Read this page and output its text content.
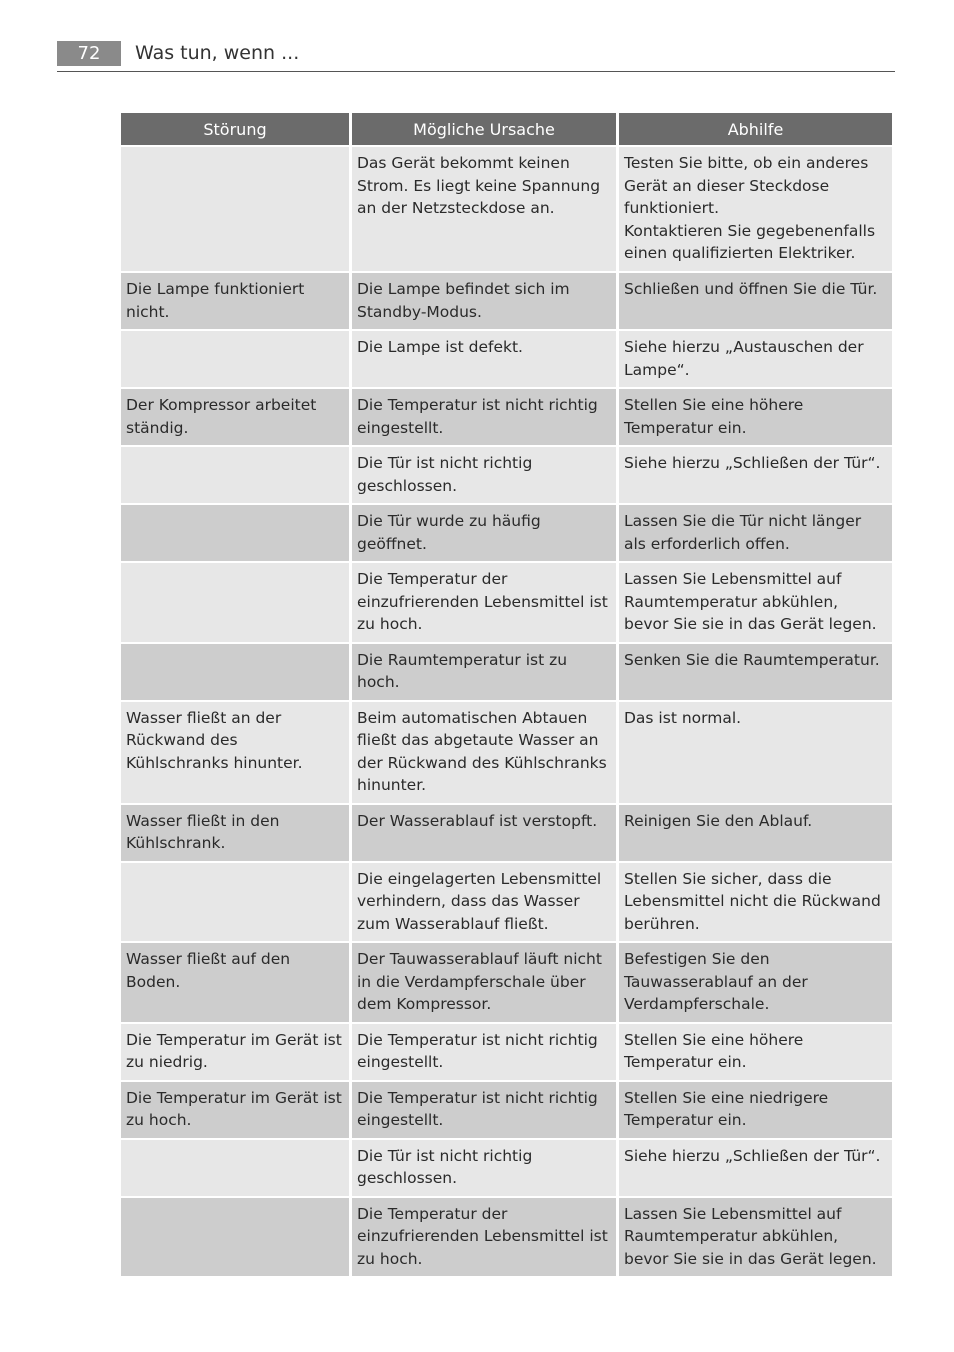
72	Was tun, wenn ...
Störung	Mögliche Ursache	Abhilfe
	Das Gerät bekommt keinen Strom. Es liegt keine Spannung an der Netzsteckdose an.	Testen Sie bitte, ob ein anderes Gerät an dieser Steckdose funktioniert.
Kontaktieren Sie gegebenenfalls einen qualifizierten Elektriker.
Die Lampe funktioniert nicht.	Die Lampe befindet sich im Standby-Modus.	Schließen und öffnen Sie die Tür.
	Die Lampe ist defekt.	Siehe hierzu „Austauschen der Lampe“.
Der Kompressor arbeitet ständig.	Die Temperatur ist nicht richtig eingestellt.	Stellen Sie eine höhere Temperatur ein.
	Die Tür ist nicht richtig geschlossen.	Siehe hierzu „Schließen der Tür“.
	Die Tür wurde zu häufig geöffnet.	Lassen Sie die Tür nicht länger als erforderlich offen.
	Die Temperatur der einzufrierenden Lebensmittel ist zu hoch.	Lassen Sie Lebensmittel auf Raumtemperatur abkühlen, bevor Sie sie in das Gerät legen.
	Die Raumtemperatur ist zu hoch.	Senken Sie die Raumtemperatur.
Wasser fließt an der Rückwand des Kühlschranks hinunter.	Beim automatischen Abtauen fließt das abgetaute Wasser an der Rückwand des Kühlschranks hinunter.	Das ist normal.
Wasser fließt in den Kühlschrank.	Der Wasserablauf ist verstopft.	Reinigen Sie den Ablauf.
	Die eingelagerten Lebensmittel verhindern, dass das Wasser zum Wasserablauf fließt.	Stellen Sie sicher, dass die Lebensmittel nicht die Rückwand berühren.
Wasser fließt auf den Boden.	Der Tauwasserablauf läuft nicht in die Verdampferschale über dem Kompressor.	Befestigen Sie den Tauwasserablauf an der Verdampferschale.
Die Temperatur im Gerät ist zu niedrig.	Die Temperatur ist nicht richtig eingestellt.	Stellen Sie eine höhere Temperatur ein.
Die Temperatur im Gerät ist zu hoch.	Die Temperatur ist nicht richtig eingestellt.	Stellen Sie eine niedrigere Temperatur ein.
	Die Tür ist nicht richtig geschlossen.	Siehe hierzu „Schließen der Tür“.
	Die Temperatur der einzufrierenden Lebensmittel ist zu hoch.	Lassen Sie Lebensmittel auf Raumtemperatur abkühlen, bevor Sie sie in das Gerät legen.
